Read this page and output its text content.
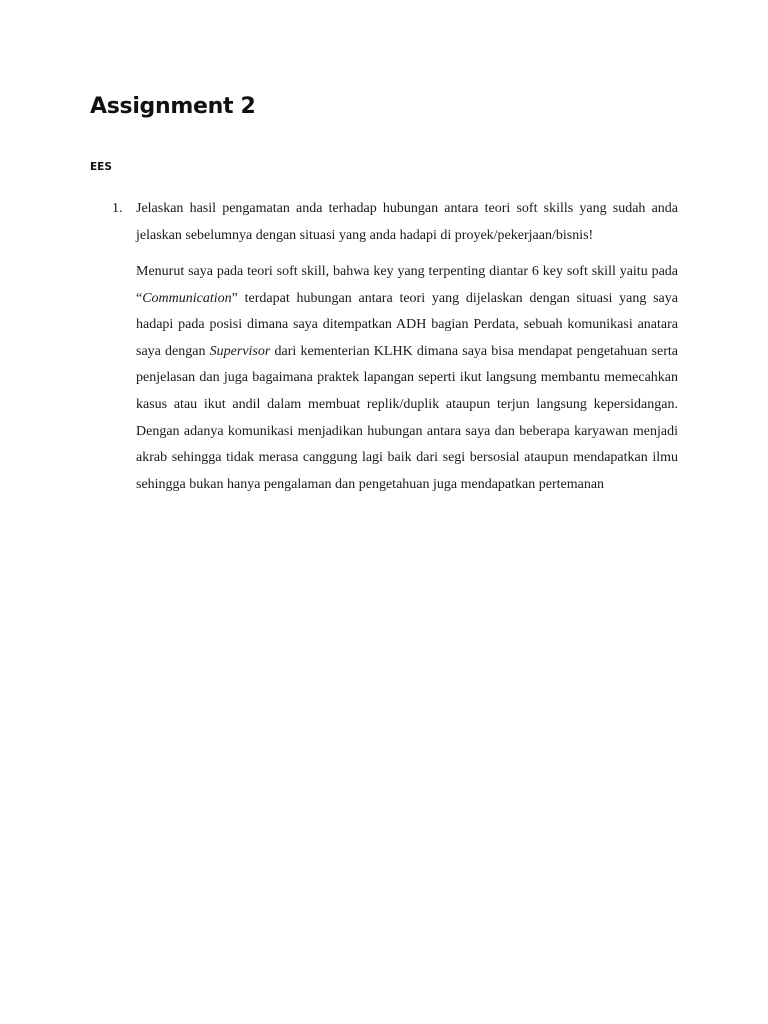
Assignment 2
EES
1. Jelaskan hasil pengamatan anda terhadap hubungan antara teori soft skills yang sudah anda jelaskan sebelumnya dengan situasi yang anda hadapi di proyek/pekerjaan/bisnis!
Menurut saya pada teori soft skill, bahwa key yang terpenting diantar 6 key soft skill yaitu pada “Communication” terdapat hubungan antara teori yang dijelaskan dengan situasi yang saya hadapi pada posisi dimana saya ditempatkan ADH bagian Perdata, sebuah komunikasi anatara saya dengan Supervisor dari kementerian KLHK dimana saya bisa mendapat pengetahuan serta penjelasan dan juga bagaimana praktek lapangan seperti ikut langsung membantu memecahkan kasus atau ikut andil dalam membuat replik/duplik ataupun terjun langsung kepersidangan. Dengan adanya komunikasi menjadikan hubungan antara saya dan beberapa karyawan menjadi akrab sehingga tidak merasa canggung lagi baik dari segi bersosial ataupun mendapatkan ilmu sehingga bukan hanya pengalaman dan pengetahuan juga mendapatkan pertemanan
